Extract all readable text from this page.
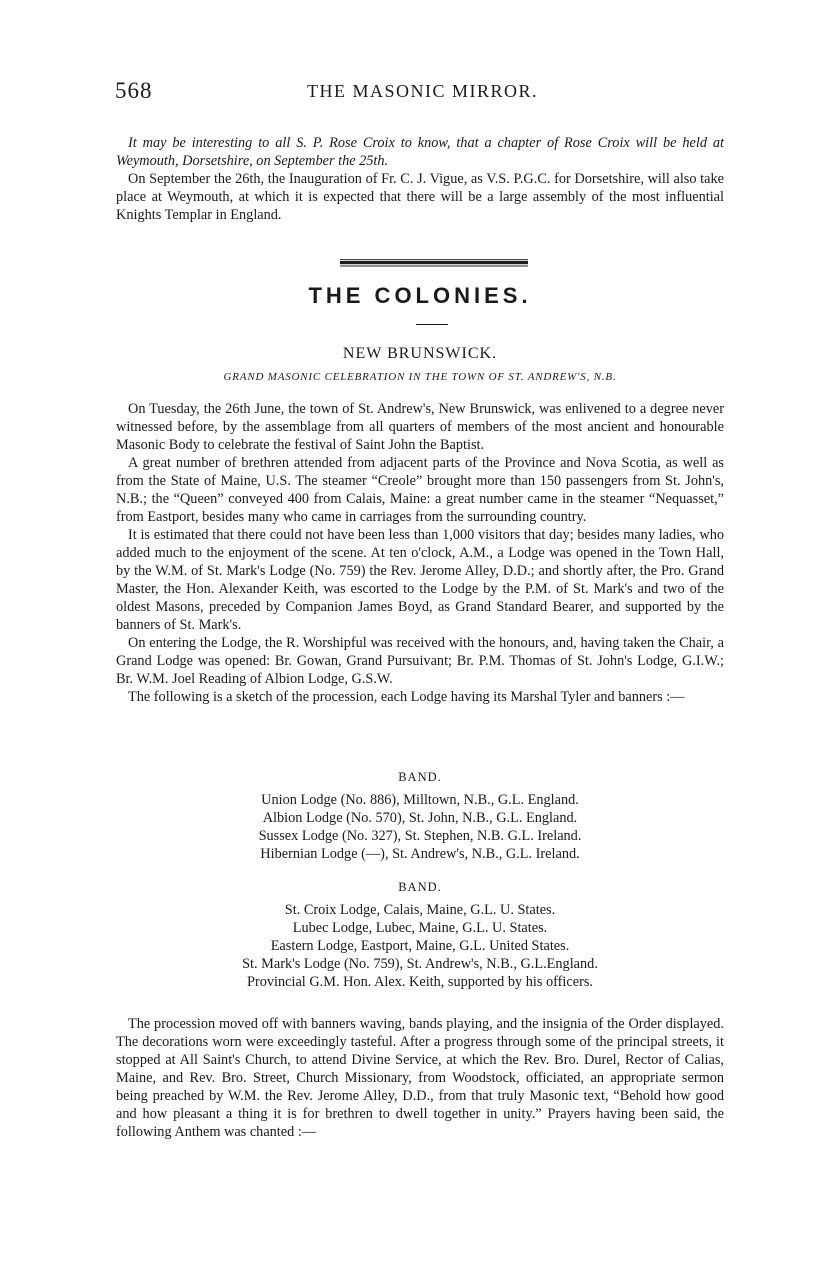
568	THE MASONIC MIRROR.

It may be interesting to all S. P. Rose Croix to know, that a chapter of Rose Croix will be held at Weymouth, Dorsetshire, on September the 25th.

On September the 26th, the Inauguration of Fr. C. J. Vigue, as V.S. P.G.C. for Dorsetshire, will also take place at Weymouth, at which it is expected that there will be a large assembly of the most influential Knights Templar in England.

THE COLONIES.
NEW BRUNSWICK.
GRAND MASONIC CELEBRATION IN THE TOWN OF ST. ANDREW'S, N.B.

On Tuesday, the 26th June, the town of St. Andrew's, New Brunswick, was enlivened to a degree never witnessed before, by the assemblage from all quarters of members of the most ancient and honourable Masonic Body to celebrate the festival of Saint John the Baptist.

A great number of brethren attended from adjacent parts of the Province and Nova Scotia, as well as from the State of Maine, U.S. The steamer “Creole” brought more than 150 passengers from St. John's, N.B.; the “Queen” conveyed 400 from Calais, Maine: a great number came in the steamer “Nequasset,” from Eastport, besides many who came in carriages from the surrounding country.

It is estimated that there could not have been less than 1,000 visitors that day; besides many ladies, who added much to the enjoyment of the scene. At ten o'clock, A.M., a Lodge was opened in the Town Hall, by the W.M. of St. Mark's Lodge (No. 759) the Rev. Jerome Alley, D.D.; and shortly after, the Pro. Grand Master, the Hon. Alexander Keith, was escorted to the Lodge by the P.M. of St. Mark's and two of the oldest Masons, preceded by Companion James Boyd, as Grand Standard Bearer, and supported by the banners of St. Mark's.

On entering the Lodge, the R. Worshipful was received with the honours, and, having taken the Chair, a Grand Lodge was opened: Br. Gowan, Grand Pursuivant; Br. P.M. Thomas of St. John's Lodge, G.I.W.; Br. W.M. Joel Reading of Albion Lodge, G.S.W.

The following is a sketch of the procession, each Lodge having its Marshal Tyler and banners :—

BAND.
Union Lodge (No. 886), Milltown, N.B., G.L. England.
Albion Lodge (No. 570), St. John, N.B., G.L. England.
Sussex Lodge (No. 327), St. Stephen, N.B. G.L. Ireland.
Hibernian Lodge (—), St. Andrew's, N.B., G.L. Ireland.
BAND.
St. Croix Lodge, Calais, Maine, G.L. U. States.
Lubec Lodge, Lubec, Maine, G.L. U. States.
Eastern Lodge, Eastport, Maine, G.L. United States.
St. Mark's Lodge (No. 759), St. Andrew's, N.B., G.L.England.
Provincial G.M. Hon. Alex. Keith, supported by his officers.

The procession moved off with banners waving, bands playing, and the insignia of the Order displayed. The decorations worn were exceedingly tasteful. After a progress through some of the principal streets, it stopped at All Saint's Church, to attend Divine Service, at which the Rev. Bro. Durel, Rector of Calias, Maine, and Rev. Bro. Street, Church Missionary, from Woodstock, officiated, an appropriate sermon being preached by W.M. the Rev. Jerome Alley, D.D., from that truly Masonic text, “Behold how good and how pleasant a thing it is for brethren to dwell together in unity.” Prayers having been said, the following Anthem was chanted :—
